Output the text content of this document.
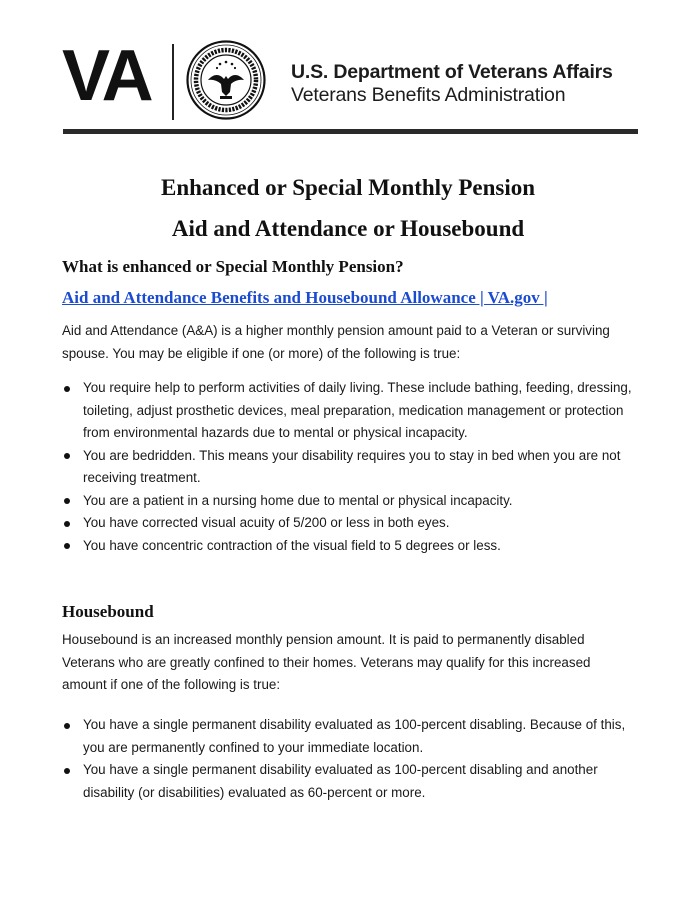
VA	U.S. Department of Veterans Affairs
Veterans Benefits Administration
Enhanced or Special Monthly Pension
Aid and Attendance or Housebound
What is enhanced or Special Monthly Pension?
Aid and Attendance Benefits and Housebound Allowance | VA.gov |
Aid and Attendance (A&A) is a higher monthly pension amount paid to a Veteran or surviving spouse. You may be eligible if one (or more) of the following is true:
You require help to perform activities of daily living. These include bathing, feeding, dressing, toileting, adjust prosthetic devices, meal preparation, medication management or protection from environmental hazards due to mental or physical incapacity.
You are bedridden. This means your disability requires you to stay in bed when you are not receiving treatment.
You are a patient in a nursing home due to mental or physical incapacity.
You have corrected visual acuity of 5/200 or less in both eyes.
You have concentric contraction of the visual field to 5 degrees or less.
Housebound
Housebound is an increased monthly pension amount. It is paid to permanently disabled Veterans who are greatly confined to their homes. Veterans may qualify for this increased amount if one of the following is true:
You have a single permanent disability evaluated as 100-percent disabling. Because of this, you are permanently confined to your immediate location.
You have a single permanent disability evaluated as 100-percent disabling and another disability (or disabilities) evaluated as 60-percent or more.
